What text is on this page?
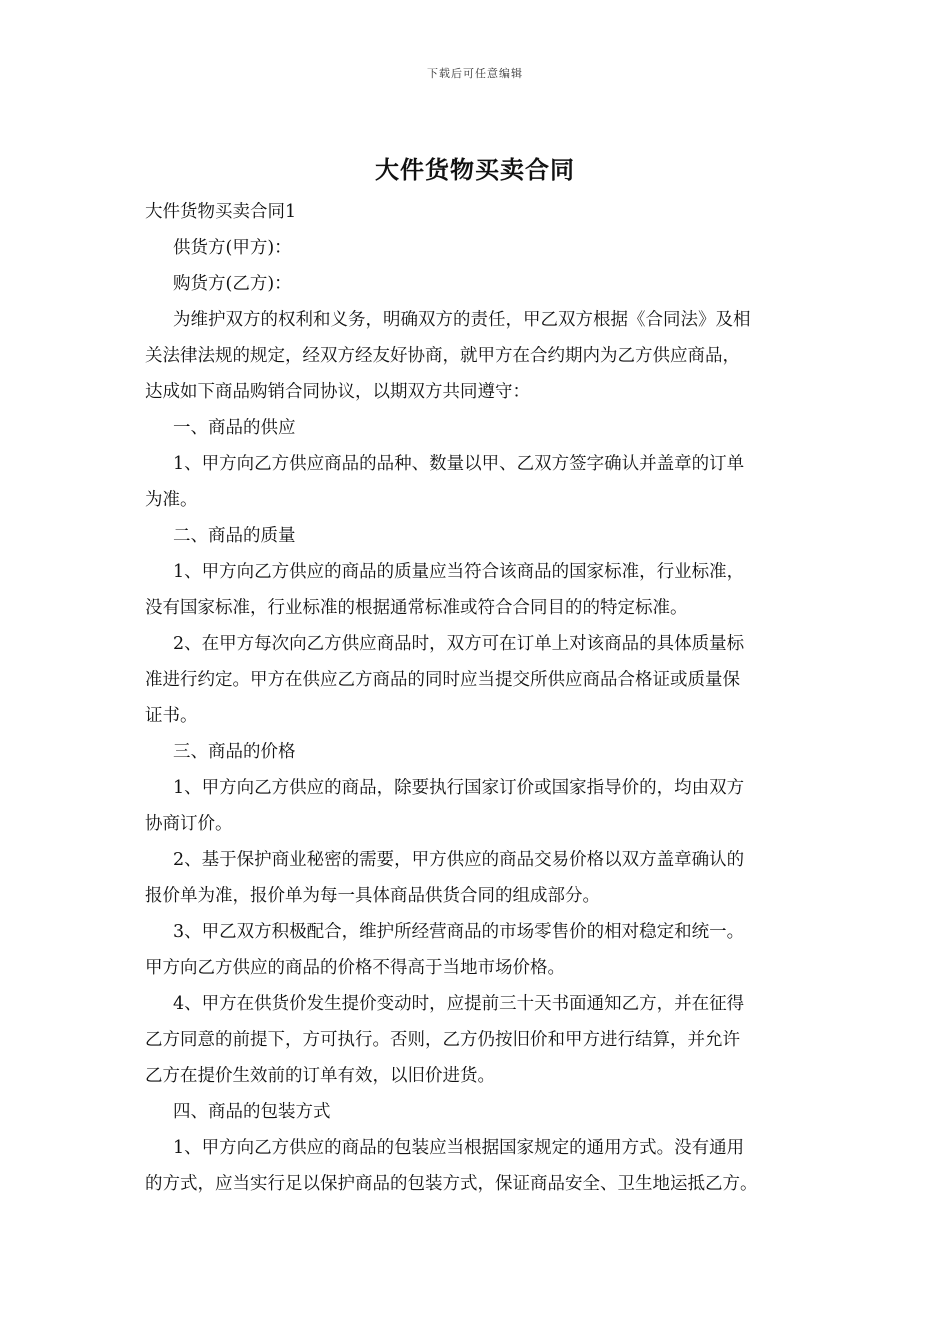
下载后可任意编辑
大件货物买卖合同

大件货物买卖合同1

供货方(甲方)：

购货方(乙方)：

为维护双方的权利和义务，明确双方的责任，甲乙双方根据《合同法》及相
关法律法规的规定，经双方经友好协商，就甲方在合约期内为乙方供应商品，
达成如下商品购销合同协议，以期双方共同遵守：

一、商品的供应

1、甲方向乙方供应商品的品种、数量以甲、乙双方签字确认并盖章的订单
为准。

二、商品的质量

1、甲方向乙方供应的商品的质量应当符合该商品的国家标准，行业标准，
没有国家标准，行业标准的根据通常标准或符合合同目的的特定标准。

2、在甲方每次向乙方供应商品时，双方可在订单上对该商品的具体质量标
准进行约定。甲方在供应乙方商品的同时应当提交所供应商品合格证或质量保
证书。

三、商品的价格

1、甲方向乙方供应的商品，除要执行国家订价或国家指导价的，均由双方
协商订价。

2、基于保护商业秘密的需要，甲方供应的商品交易价格以双方盖章确认的
报价单为准，报价单为每一具体商品供货合同的组成部分。

3、甲乙双方积极配合，维护所经营商品的市场零售价的相对稳定和统一。
甲方向乙方供应的商品的价格不得高于当地市场价格。

4、甲方在供货价发生提价变动时，应提前三十天书面通知乙方，并在征得
乙方同意的前提下，方可执行。否则，乙方仍按旧价和甲方进行结算，并允许
乙方在提价生效前的订单有效，以旧价进货。

四、商品的包装方式

1、甲方向乙方供应的商品的包装应当根据国家规定的通用方式。没有通用
的方式，应当实行足以保护商品的包装方式，保证商品安全、卫生地运抵乙方。
